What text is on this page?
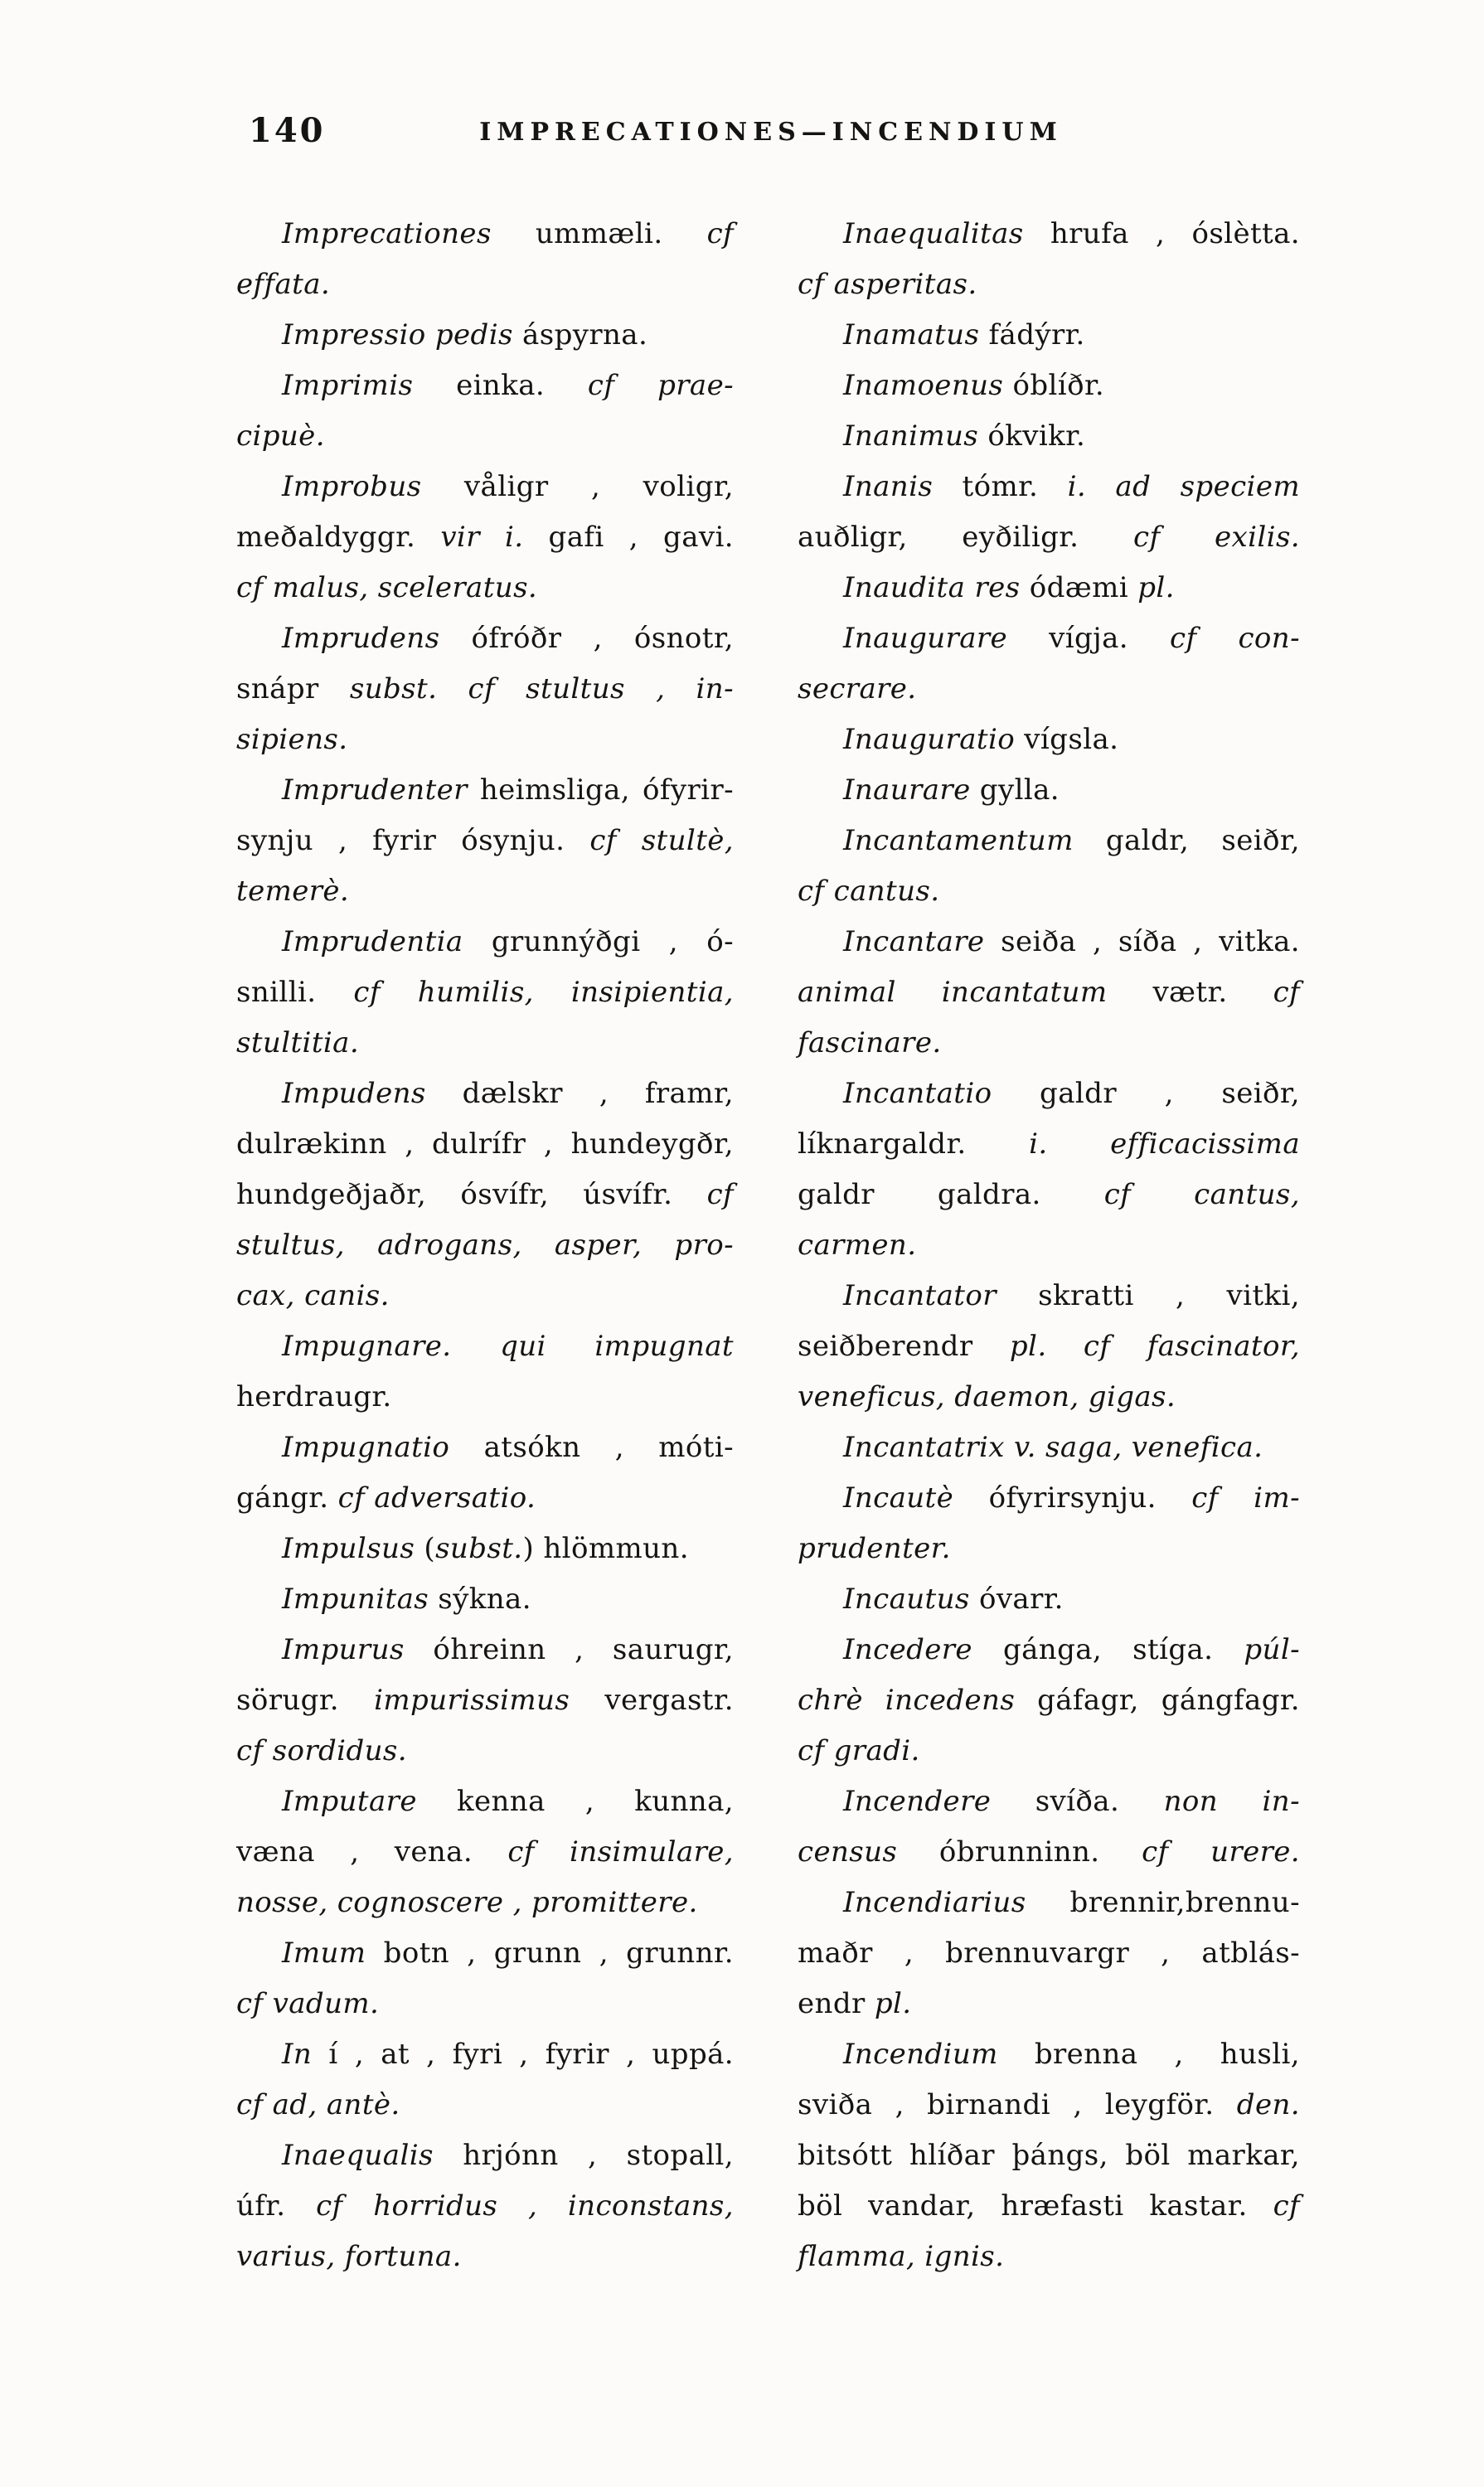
140	IMPRECATIONES—INCENDIUM
Imprecationes ummæli. cf
effata.
Impressio pedis áspyrna.
Imprimis einka. cf prae-
cipuè.
Improbus våligr , voligr,
meðaldyggr. vir i. gafi , gavi.
cf malus, sceleratus.
Imprudens ófróðr , ósnotr,
snápr subst. cf stultus , in-
sipiens.
Imprudenter heimsliga, ófyrir-
synju , fyrir ósynju. cf stultè,
temerè.
Imprudentia grunnýðgi , ó-
snilli. cf humilis, insipientia,
stultitia.
Impudens dælskr , framr,
dulrækinn , dulrífr , hundeygðr,
hundgeðjaðr, ósvífr, úsvífr. cf
stultus, adrogans, asper, pro-
cax, canis.
Impugnare. qui impugnat
herdraugr.
Impugnatio atsókn , móti-
gángr. cf adversatio.
Impulsus (subst.) hlömmun.
Impunitas sýkna.
Impurus óhreinn , saurugr,
sörugr. impurissimus vergastr.
cf sordidus.
Imputare kenna , kunna,
væna , vena. cf insimulare,
nosse, cognoscere , promittere.
Imum botn , grunn , grunnr.
cf vadum.
In í , at , fyri , fyrir , uppá.
cf ad, antè.
Inaequalis hrjónn , stopall,
úfr. cf horridus , inconstans,
varius, fortuna.
Inaequalitas hrufa , óslètta.
cf asperitas.
Inamatus fádýrr.
Inamoenus óblíðr.
Inanimus ókvikr.
Inanis tómr. i. ad speciem
auðligr, eyðiligr. cf exilis.
Inaudita res ódæmi pl.
Inaugurare vígja. cf con-
secrare.
Inauguratio vígsla.
Inaurare gylla.
Incantamentum galdr, seiðr,
cf cantus.
Incantare seiða , síða , vitka.
animal incantatum vætr. cf
fascinare.
Incantatio galdr , seiðr,
líknargaldr. i. efficacissima
galdr galdra. cf cantus,
carmen.
Incantator skratti , vitki,
seiðberendr pl. cf fascinator,
veneficus, daemon, gigas.
Incantatrix v. saga, venefica.
Incautè ófyrirsynju. cf im-
prudenter.
Incautus óvarr.
Incedere gánga, stíga. púl-
chrè incedens gáfagr, gángfagr.
cf gradi.
Incendere svíða. non in-
census óbrunninn. cf urere.
Incendiarius brennir,brennu-
maðr , brennuvargr , atblás-
endr pl.
Incendium brenna , husli,
sviða , birnandi , leygför. den.
bitsótt hlíðar þángs, böl markar,
böl vandar, hræfasti kastar. cf
flamma, ignis.
